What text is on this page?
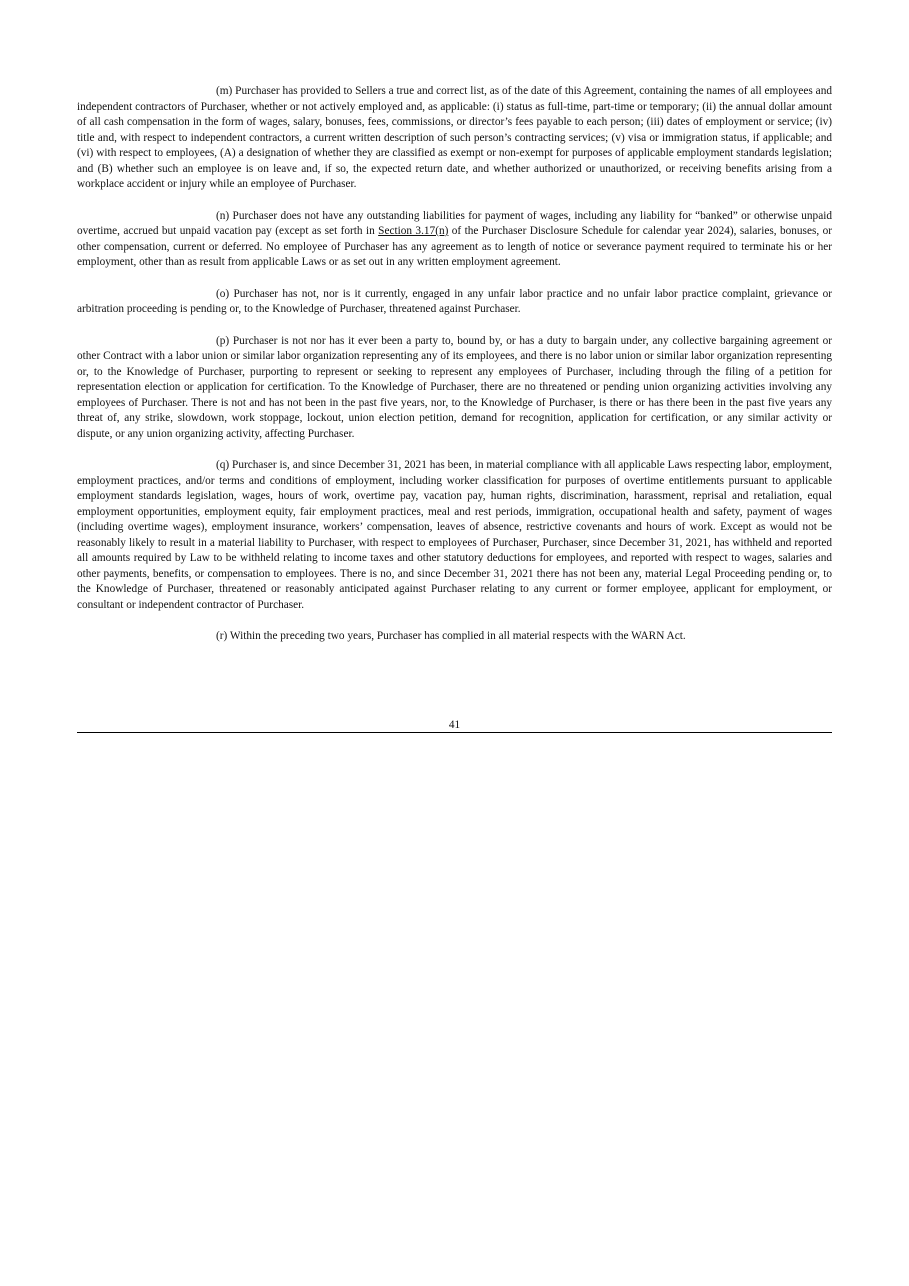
(m) Purchaser has provided to Sellers a true and correct list, as of the date of this Agreement, containing the names of all employees and independent contractors of Purchaser, whether or not actively employed and, as applicable: (i) status as full-time, part-time or temporary; (ii) the annual dollar amount of all cash compensation in the form of wages, salary, bonuses, fees, commissions, or director’s fees payable to each person; (iii) dates of employment or service; (iv) title and, with respect to independent contractors, a current written description of such person’s contracting services; (v) visa or immigration status, if applicable; and (vi) with respect to employees, (A) a designation of whether they are classified as exempt or non-exempt for purposes of applicable employment standards legislation; and (B) whether such an employee is on leave and, if so, the expected return date, and whether authorized or unauthorized, or receiving benefits arising from a workplace accident or injury while an employee of Purchaser.

(n) Purchaser does not have any outstanding liabilities for payment of wages, including any liability for “banked” or otherwise unpaid overtime, accrued but unpaid vacation pay (except as set forth in Section 3.17(n) of the Purchaser Disclosure Schedule for calendar year 2024), salaries, bonuses, or other compensation, current or deferred. No employee of Purchaser has any agreement as to length of notice or severance payment required to terminate his or her employment, other than as result from applicable Laws or as set out in any written employment agreement.

(o) Purchaser has not, nor is it currently, engaged in any unfair labor practice and no unfair labor practice complaint, grievance or arbitration proceeding is pending or, to the Knowledge of Purchaser, threatened against Purchaser.

(p) Purchaser is not nor has it ever been a party to, bound by, or has a duty to bargain under, any collective bargaining agreement or other Contract with a labor union or similar labor organization representing any of its employees, and there is no labor union or similar labor organization representing or, to the Knowledge of Purchaser, purporting to represent or seeking to represent any employees of Purchaser, including through the filing of a petition for representation election or application for certification. To the Knowledge of Purchaser, there are no threatened or pending union organizing activities involving any employees of Purchaser. There is not and has not been in the past five years, nor, to the Knowledge of Purchaser, is there or has there been in the past five years any threat of, any strike, slowdown, work stoppage, lockout, union election petition, demand for recognition, application for certification, or any similar activity or dispute, or any union organizing activity, affecting Purchaser.

(q) Purchaser is, and since December 31, 2021 has been, in material compliance with all applicable Laws respecting labor, employment, employment practices, and/or terms and conditions of employment, including worker classification for purposes of overtime entitlements pursuant to applicable employment standards legislation, wages, hours of work, overtime pay, vacation pay, human rights, discrimination, harassment, reprisal and retaliation, equal employment opportunities, employment equity, fair employment practices, meal and rest periods, immigration, occupational health and safety, payment of wages (including overtime wages), employment insurance, workers’ compensation, leaves of absence, restrictive covenants and hours of work. Except as would not be reasonably likely to result in a material liability to Purchaser, with respect to employees of Purchaser, Purchaser, since December 31, 2021, has withheld and reported all amounts required by Law to be withheld relating to income taxes and other statutory deductions for employees, and reported with respect to wages, salaries and other payments, benefits, or compensation to employees. There is no, and since December 31, 2021 there has not been any, material Legal Proceeding pending or, to the Knowledge of Purchaser, threatened or reasonably anticipated against Purchaser relating to any current or former employee, applicant for employment, or consultant or independent contractor of Purchaser.

(r) Within the preceding two years, Purchaser has complied in all material respects with the WARN Act.

41
